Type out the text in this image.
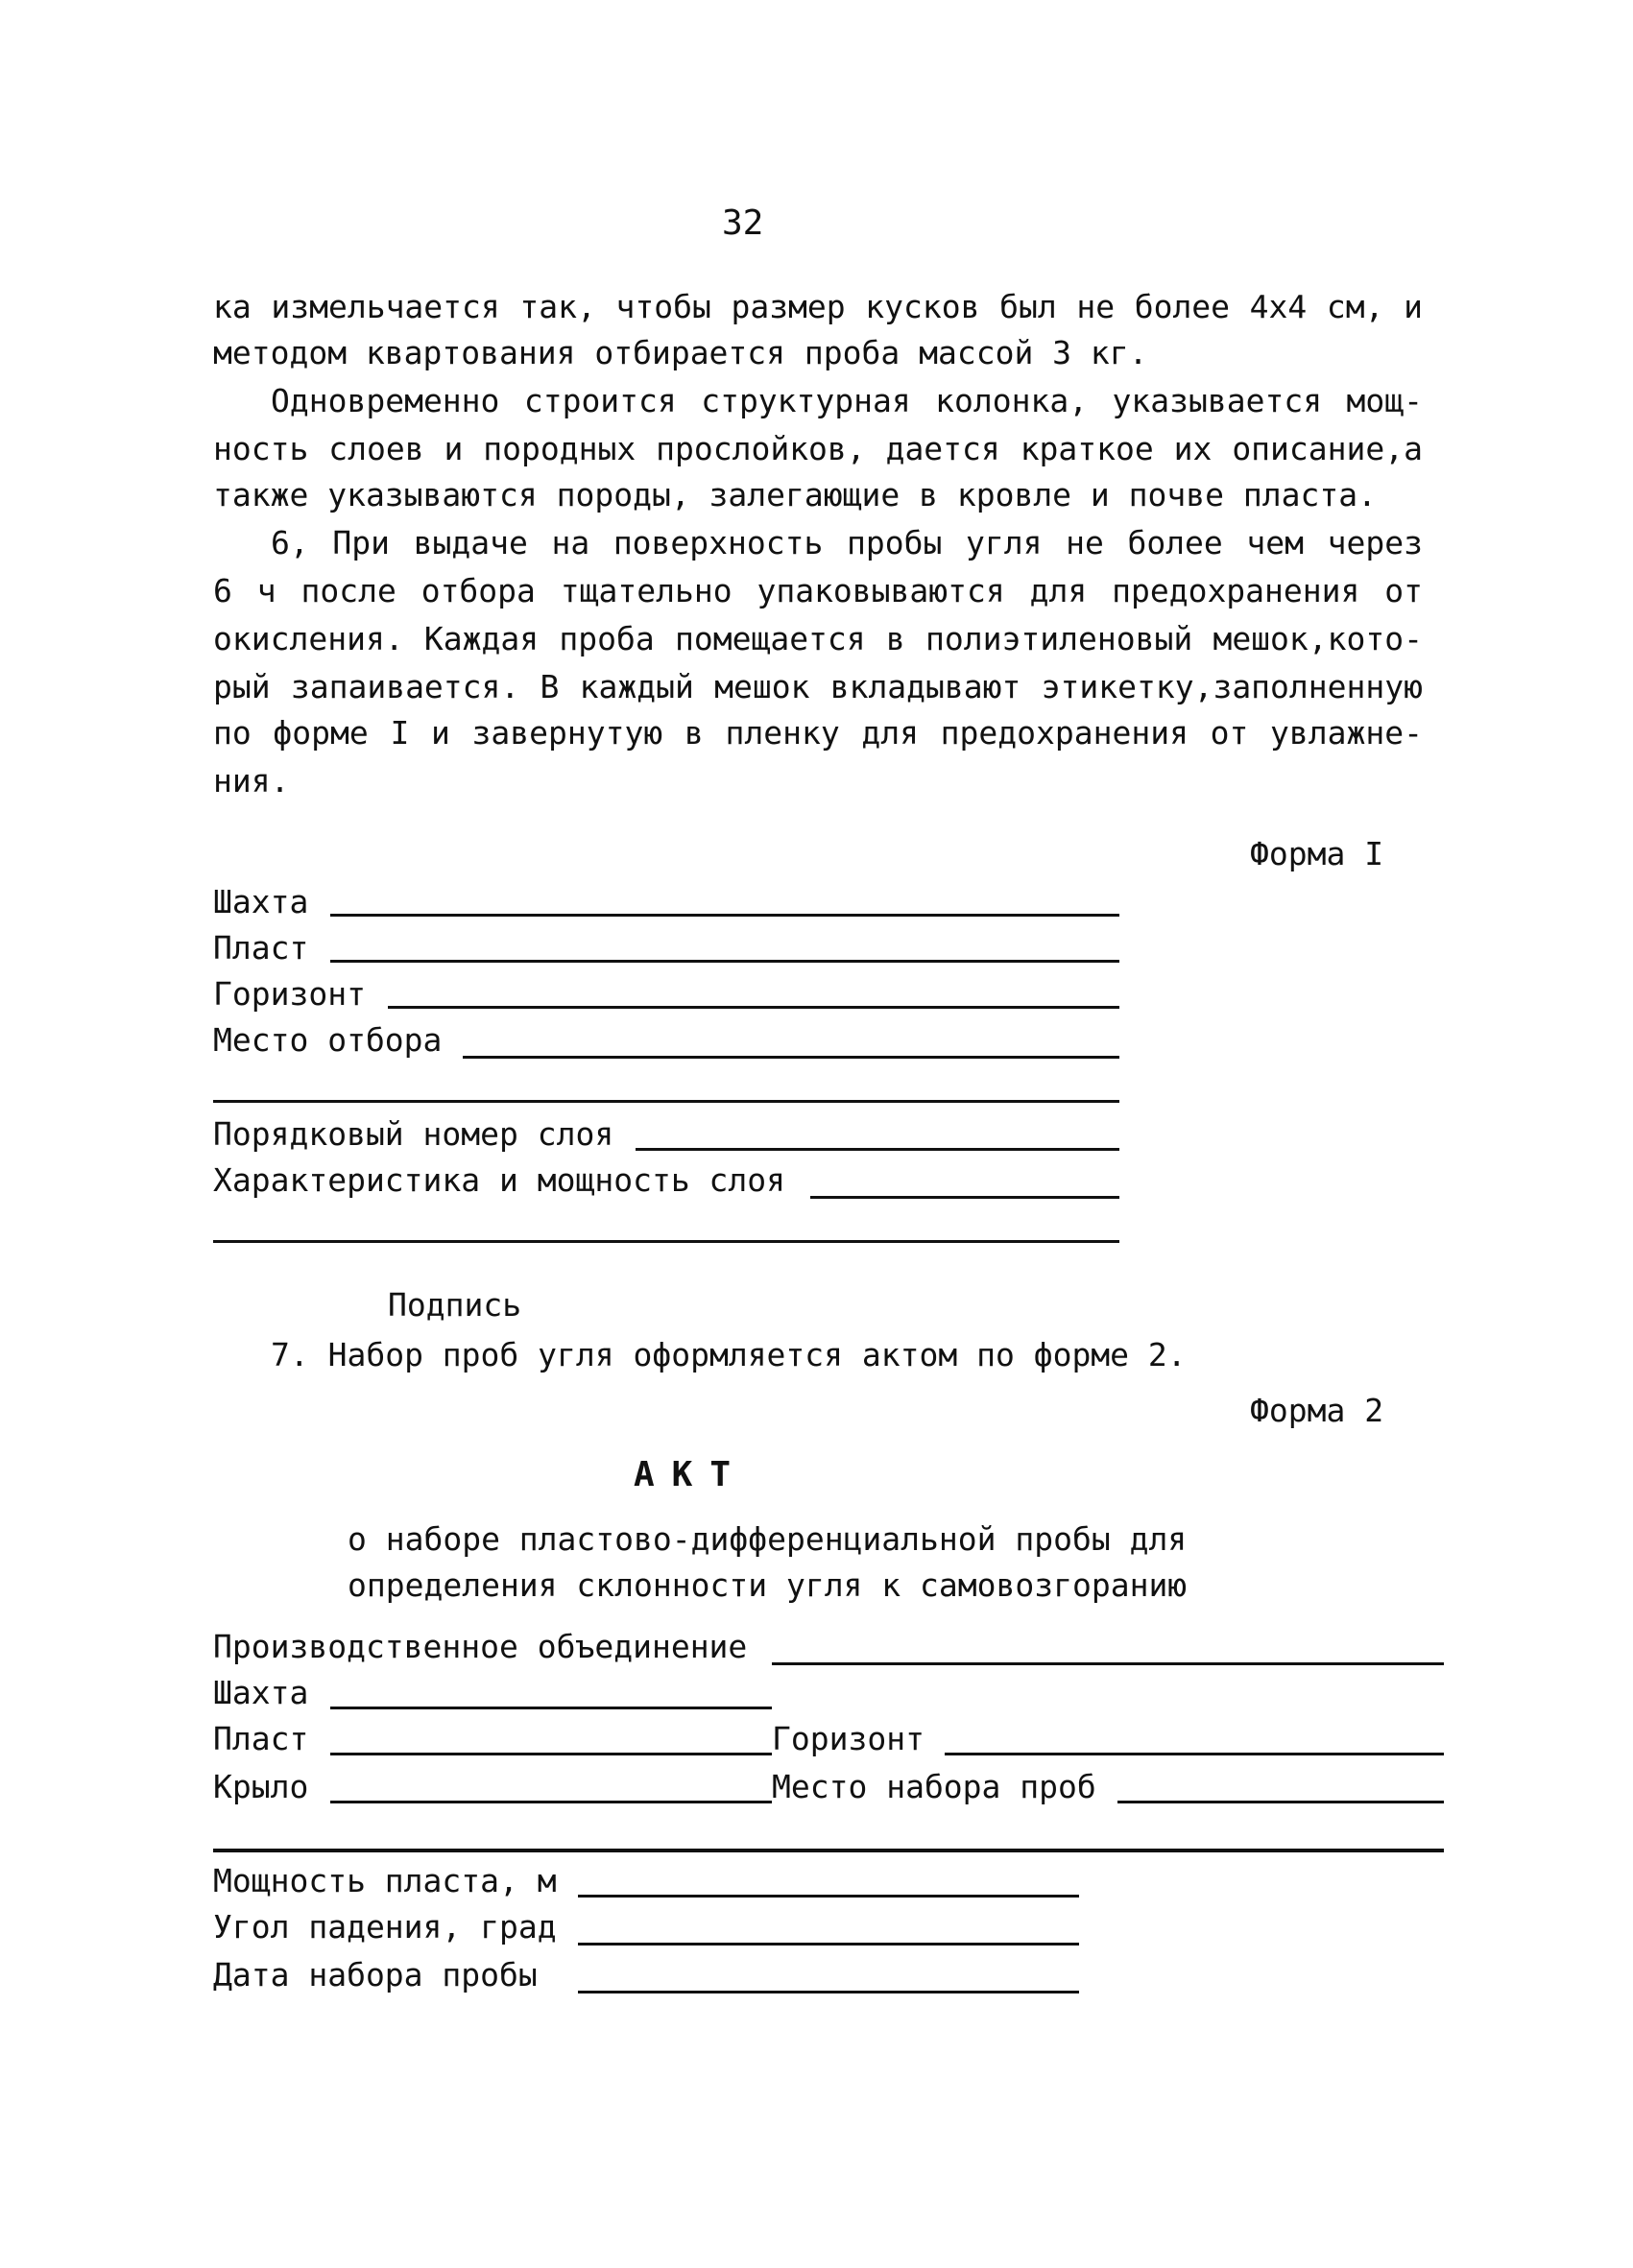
32
ка измельчается так, чтобы размер кусков был не более 4х4 см, и
методом квартования отбирается проба массой 3 кг.
Одновременно строится структурная колонка, указывается мощ-
ность слоев и породных прослойков, дается краткое их описание,а
также указываются породы, залегающие в кровле и почве пласта.
6, При выдаче на поверхность пробы угля не более чем через
6 ч после отбора тщательно упаковываются для предохранения от
окисления. Каждая проба помещается в полиэтиленовый мешок,кото-
рый запаивается. В каждый мешок вкладывают этикетку,заполненную
по форме I и завернутую в пленку для предохранения от увлажне-
ния.
Форма I
Шахта
Пласт
Горизонт
Место отбора
Порядковый номер слоя
Характеристика и мощность слоя
Подпись
7. Набор проб угля оформляется актом по форме 2.
Форма 2
АКТ
о наборе пластово-дифференциальной пробы для
определения склонности угля к самовозгоранию
Производственное объединение
Шахта
Пласт	Горизонт
Крыло	Место набора проб
Мощность пласта, м
Угол падения, град
Дата набора пробы
